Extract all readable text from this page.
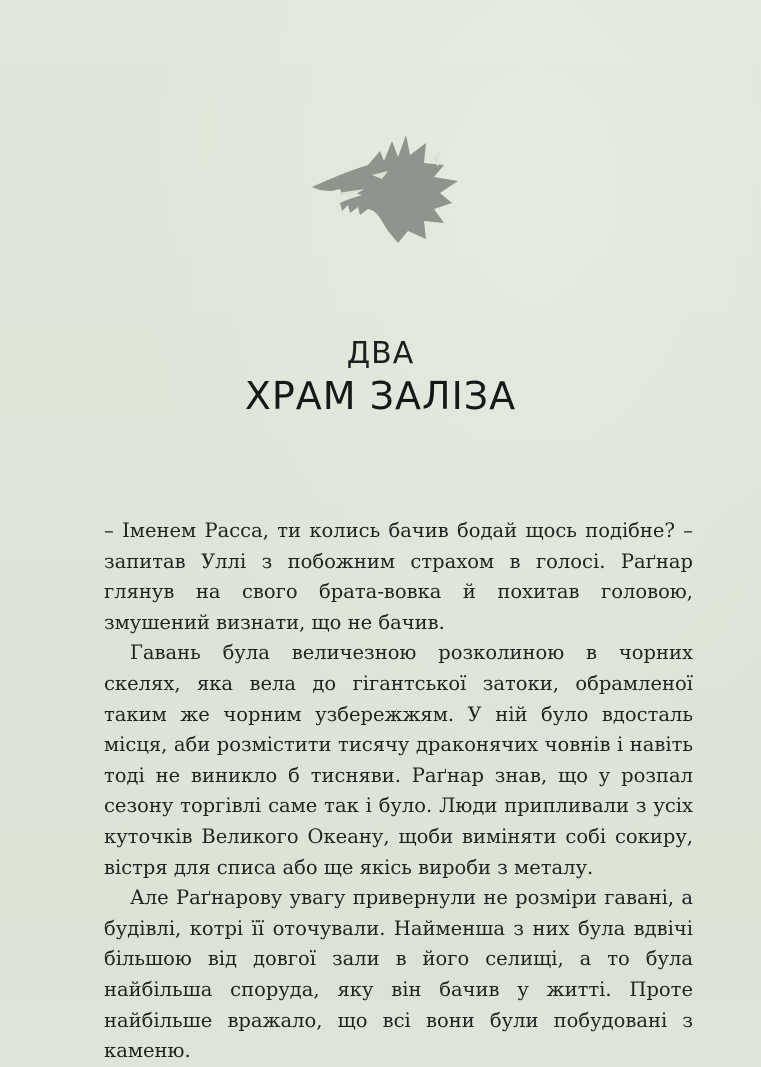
ДВА
ХРАМ ЗАЛІЗА

– Іменем Расса, ти колись бачив бодай щось подібне? – запитав Уллі з побожним страхом в голосі. Раґнар глянув на свого брата-вовка й похитав головою, змушений визнати, що не бачив.

Гавань була величезною розколиною в чорних скелях, яка вела до гігантської затоки, обрамленої таким же чорним узбережжям. У ній було вдосталь місця, аби розмістити тисячу драконячих човнів і навіть тоді не виникло б тисняви. Раґнар знав, що у розпал сезону торгівлі саме так і було. Люди припливали з усіх куточків Великого Океану, щоби виміняти собі сокиру, вістря для списа або ще якісь вироби з металу.

Але Раґнарову увагу привернули не розміри гавані, а будівлі, котрі її оточували. Найменша з них була вдвічі більшою від довгої зали в його селищі, а то була найбільша споруда, яку він бачив у житті. Проте найбільше вражало, що всі вони були побудовані з каменю.
